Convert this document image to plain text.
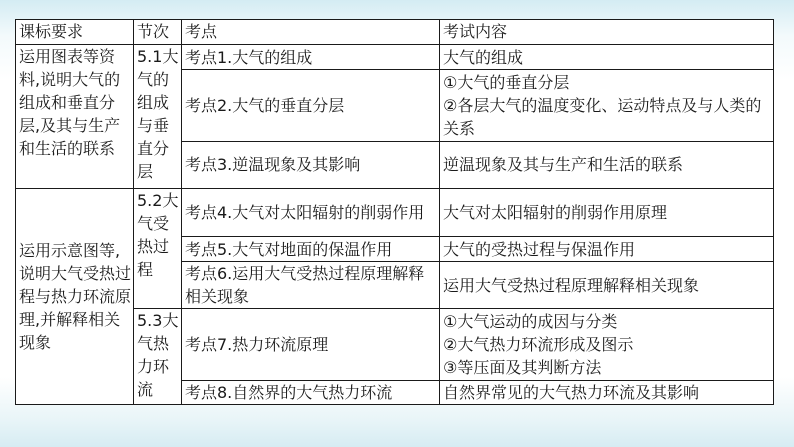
课标要求	节次	考点	考试内容
运用图表等资料,说明大气的组成和垂直分层,及其与生产和生活的联系	5.1大气的组成与垂直分层	考点1.大气的组成	大气的组成

		考点2.大气的垂直分层	①大气的垂直分层
②各层大气的温度变化、运动特点及与人类的关系

		考点3.逆温现象及其影响	逆温现象及其与生产和生活的联系

运用示意图等,说明大气受热过程与热力环流原理,并解释相关现象	5.2大气受热过程	考点4.大气对太阳辐射的削弱作用	大气对太阳辐射的削弱作用原理

		考点5.大气对地面的保温作用	大气的受热过程与保温作用

		考点6.运用大气受热过程原理解释相关现象	运用大气受热过程原理解释相关现象

	5.3大气热力环流	考点7.热力环流原理	①大气运动的成因与分类
②大气热力环流形成及图示
③等压面及其判断方法

		考点8.自然界的大气热力环流	自然界常见的大气热力环流及其影响
